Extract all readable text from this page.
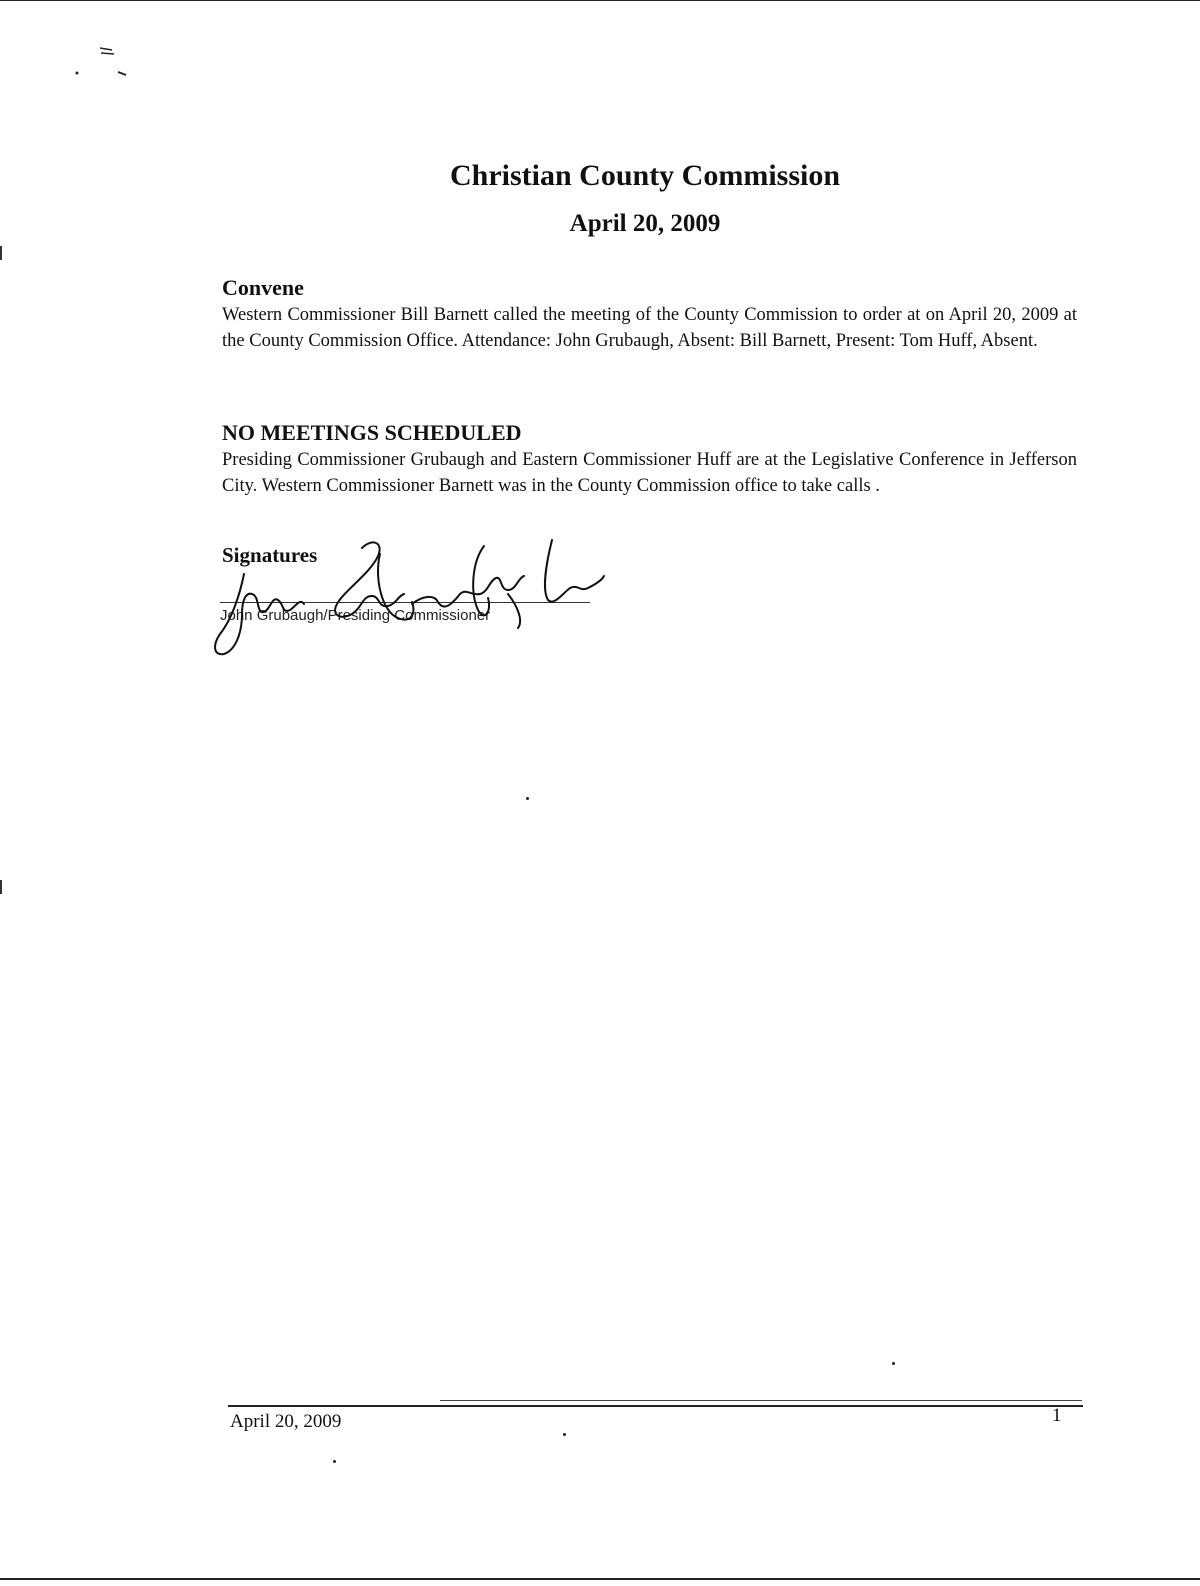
Christian County Commission
April 20, 2009
Convene

Western Commissioner Bill Barnett called the meeting of the County Commission to order at on April 20, 2009 at the County Commission Office. Attendance: John Grubaugh, Absent: Bill Barnett, Present: Tom Huff, Absent.

NO MEETINGS SCHEDULED

Presiding Commissioner Grubaugh and Eastern Commissioner Huff are at the Legislative Conference in Jefferson City. Western Commissioner Barnett was in the County Commission office to take calls .

Signatures

John Grubaugh/Presiding Commissioner

April 20, 2009	1
